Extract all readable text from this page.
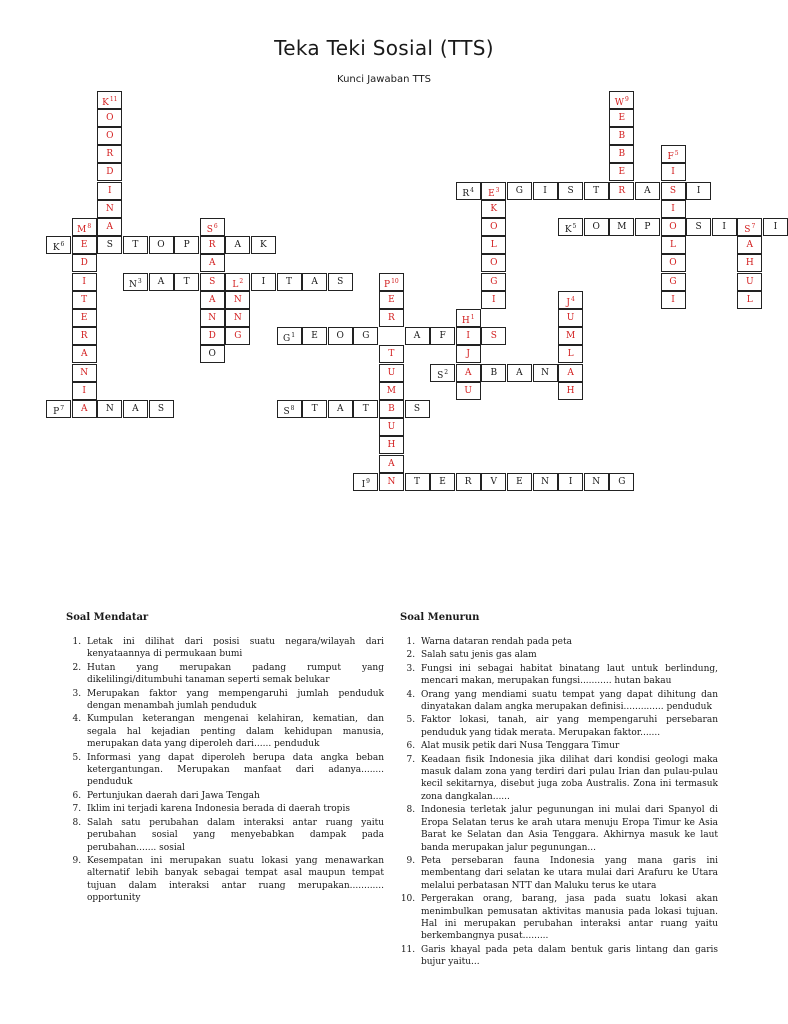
Teka Teki Sosial (TTS)
Kunci Jawaban TTS
$K^{11}$
O
O
R
D
I
N
A
S
$W^9$
E
B
B
E
R
$F^5$
I
S
I
O
L
O
G
I
$R^4$	$E^3$	G	I	S	T	A	I
K
O
L
O
G
I
$K^5$	O	M	P	S	I	$S^7$	I
A
H
U
L
$M^8$	$S^6$
$K^6$	E	T	O	P	R	A	K
D
I
T
E
R
A
N
I
A
S
A
N
D
O
$N^3$	A	T	$L^2$	I	T	A	S
N
N
G
$P^{10}$
E
R
T
U
M
B
U
H
A
N
$G^1$	E	O	G	A	F	I	S
$H^1$
J
A
U
$J^4$
U
M
L
A
H
$S^2$	B	A	N
$P^7$	A	N	A	S	$S^8$	T	A	T	S
$I^9$	T	E	R	V	E	N	I	N	G
Soal Mendatar
1. Letak ini dilihat dari posisi suatu negara/wilayah dari kenyataannya di permukaan bumi
2. Hutan yang merupakan padang rumput yang dikelilingi/ditumbuhi tanaman seperti semak belukar
3. Merupakan faktor yang mempengaruhi jumlah penduduk dengan menambah jumlah penduduk
4. Kumpulan keterangan mengenai kelahiran, kematian, dan segala hal kejadian penting dalam kehidupan manusia, merupakan data yang diperoleh dari...... penduduk
5. Informasi yang dapat diperoleh berupa data angka beban ketergantungan. Merupakan manfaat dari adanya........ penduduk
6. Pertunjukan daerah dari Jawa Tengah
7. Iklim ini terjadi karena Indonesia berada di daerah tropis
8. Salah satu perubahan dalam interaksi antar ruang yaitu perubahan sosial yang menyebabkan dampak pada perubahan....... sosial
9. Kesempatan ini merupakan suatu lokasi yang menawarkan alternatif lebih banyak sebagai tempat asal maupun tempat tujuan dalam interaksi antar ruang merupakan............ opportunity
Soal Menurun
1. Warna dataran rendah pada peta
2. Salah satu jenis gas alam
3. Fungsi ini sebagai habitat binatang laut untuk berlindung, mencari makan, merupakan fungsi........... hutan bakau
4. Orang yang mendiami suatu tempat yang dapat dihitung dan dinyatakan dalam angka merupakan definisi.............. penduduk
5. Faktor lokasi, tanah, air yang mempengaruhi persebaran penduduk yang tidak merata. Merupakan faktor.......
6. Alat musik petik dari Nusa Tenggara Timur
7. Keadaan fisik Indonesia jika dilihat dari kondisi geologi maka masuk dalam zona yang terdiri dari pulau Irian dan pulau-pulau kecil sekitarnya, disebut juga zoba Australis. Zona ini termasuk zona dangkalan......
8. Indonesia terletak jalur pegunungan ini mulai dari Spanyol di Eropa Selatan terus ke arah utara menuju Eropa Timur ke Asia Barat ke Selatan dan Asia Tenggara. Akhirnya masuk ke laut banda merupakan jalur pegunungan...
9. Peta persebaran fauna Indonesia yang mana garis ini membentang dari selatan ke utara mulai dari Arafuru ke Utara melalui perbatasan NTT dan Maluku terus ke utara
10. Pergerakan orang, barang, jasa pada suatu lokasi akan menimbulkan pemusatan aktivitas manusia pada lokasi tujuan. Hal ini merupakan perubahan interaksi antar ruang yaitu berkembangnya pusat.........
11. Garis khayal pada peta dalam bentuk garis lintang dan garis bujur yaitu...
